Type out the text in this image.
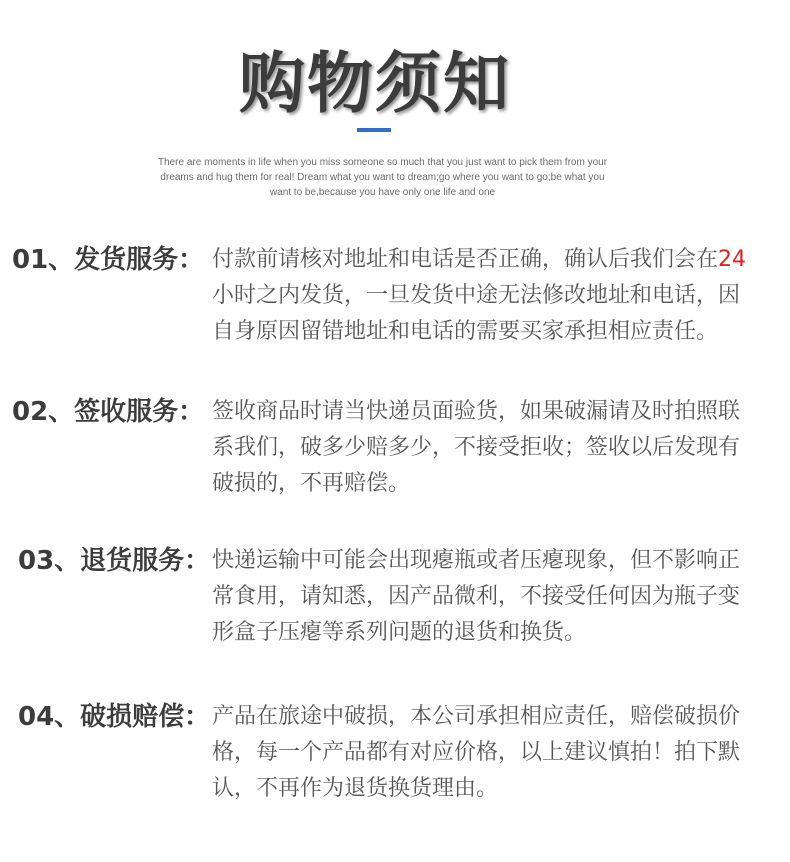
购物须知
There are moments in life when you miss someone so much that you just want to pick them from your
dreams and hug them for real! Dream what you want to dream;go where you want to go;be what you
want to be,because you have only one life and one
01、发货服务： 付款前请核对地址和电话是否正确，确认后我们会在24
小时之内发货，一旦发货中途无法修改地址和电话，因
自身原因留错地址和电话的需要买家承担相应责任。
02、签收服务： 签收商品时请当快递员面验货，如果破漏请及时拍照联
系我们，破多少赔多少，不接受拒收；签收以后发现有
破损的，不再赔偿。
03、退货服务： 快递运输中可能会出现瘪瓶或者压瘪现象，但不影响正
常食用，请知悉，因产品微利，不接受任何因为瓶子变
形盒子压瘪等系列问题的退货和换货。
04、破损赔偿： 产品在旅途中破损，本公司承担相应责任，赔偿破损价
格，每一个产品都有对应价格，以上建议慎拍！拍下默
认，不再作为退货换货理由。
